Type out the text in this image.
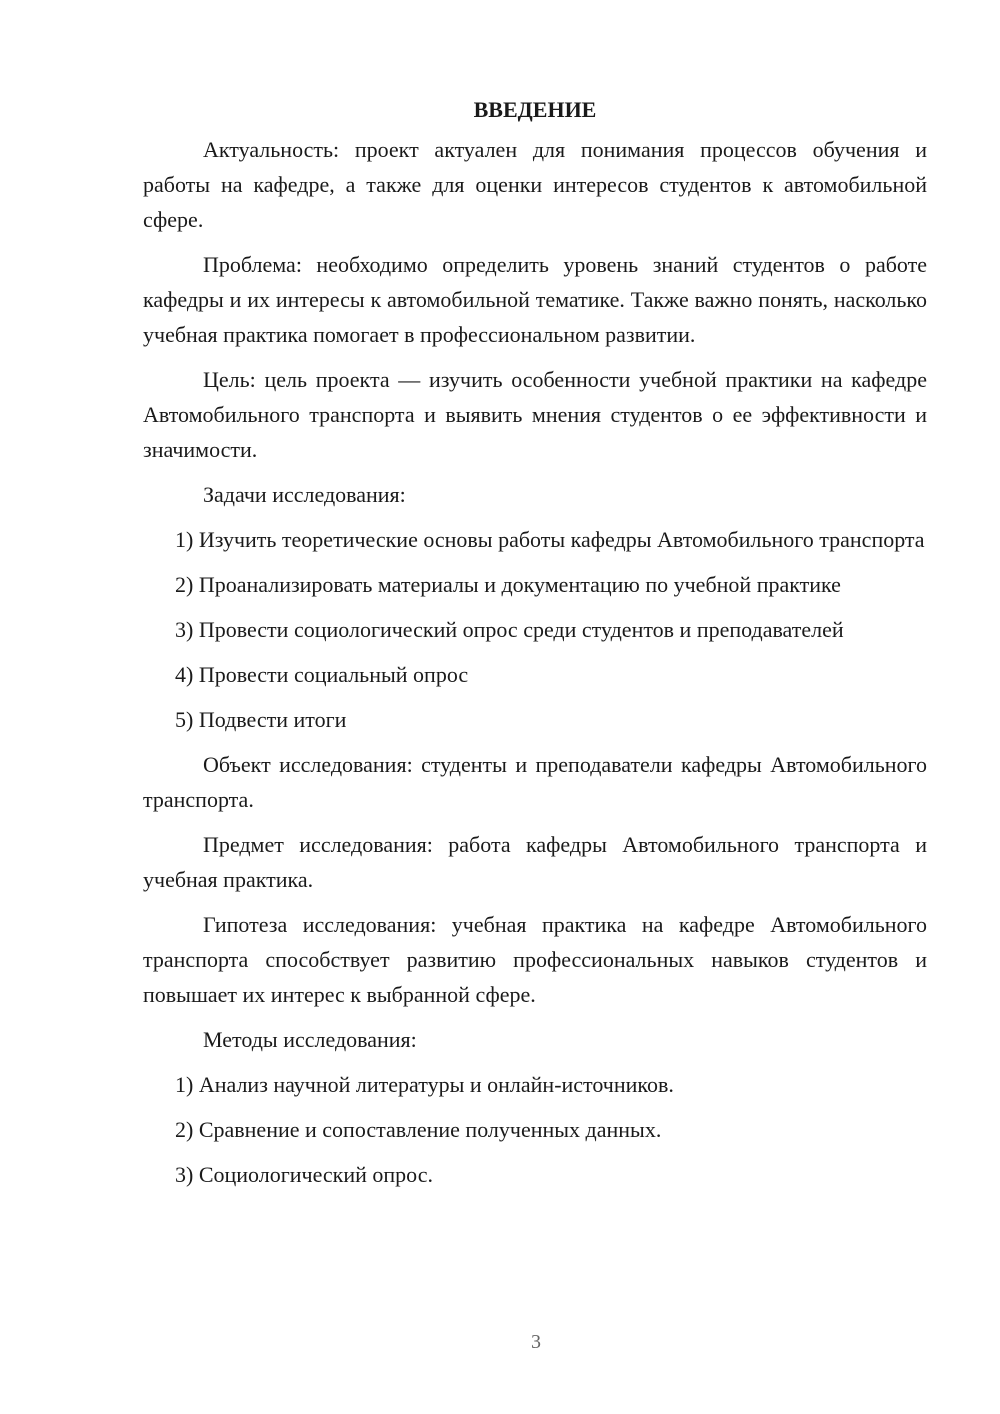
ВВЕДЕНИЕ

Актуальность: проект актуален для понимания процессов обучения и работы на кафедре, а также для оценки интересов студентов к автомобильной сфере.

Проблема: необходимо определить уровень знаний студентов о работе кафедры и их интересы к автомобильной тематике. Также важно понять, насколько учебная практика помогает в профессиональном развитии.

Цель: цель проекта — изучить особенности учебной практики на кафедре Автомобильного транспорта и выявить мнения студентов о ее эффективности и значимости.

Задачи исследования:

1) Изучить теоретические основы работы кафедры Автомобильного транспорта

2) Проанализировать материалы и документацию по учебной практике

3) Провести социологический опрос среди студентов и преподавателей

4) Провести социальный опрос

5) Подвести итоги

Объект исследования: студенты и преподаватели кафедры Автомобильного транспорта.

Предмет исследования: работа кафедры Автомобильного транспорта и учебная практика.

Гипотеза исследования: учебная практика на кафедре Автомобильного транспорта способствует развитию профессиональных навыков студентов и повышает их интерес к выбранной сфере.

Методы исследования:

1) Анализ научной литературы и онлайн-источников.

2) Сравнение и сопоставление полученных данных.

3) Социологический опрос.

3
